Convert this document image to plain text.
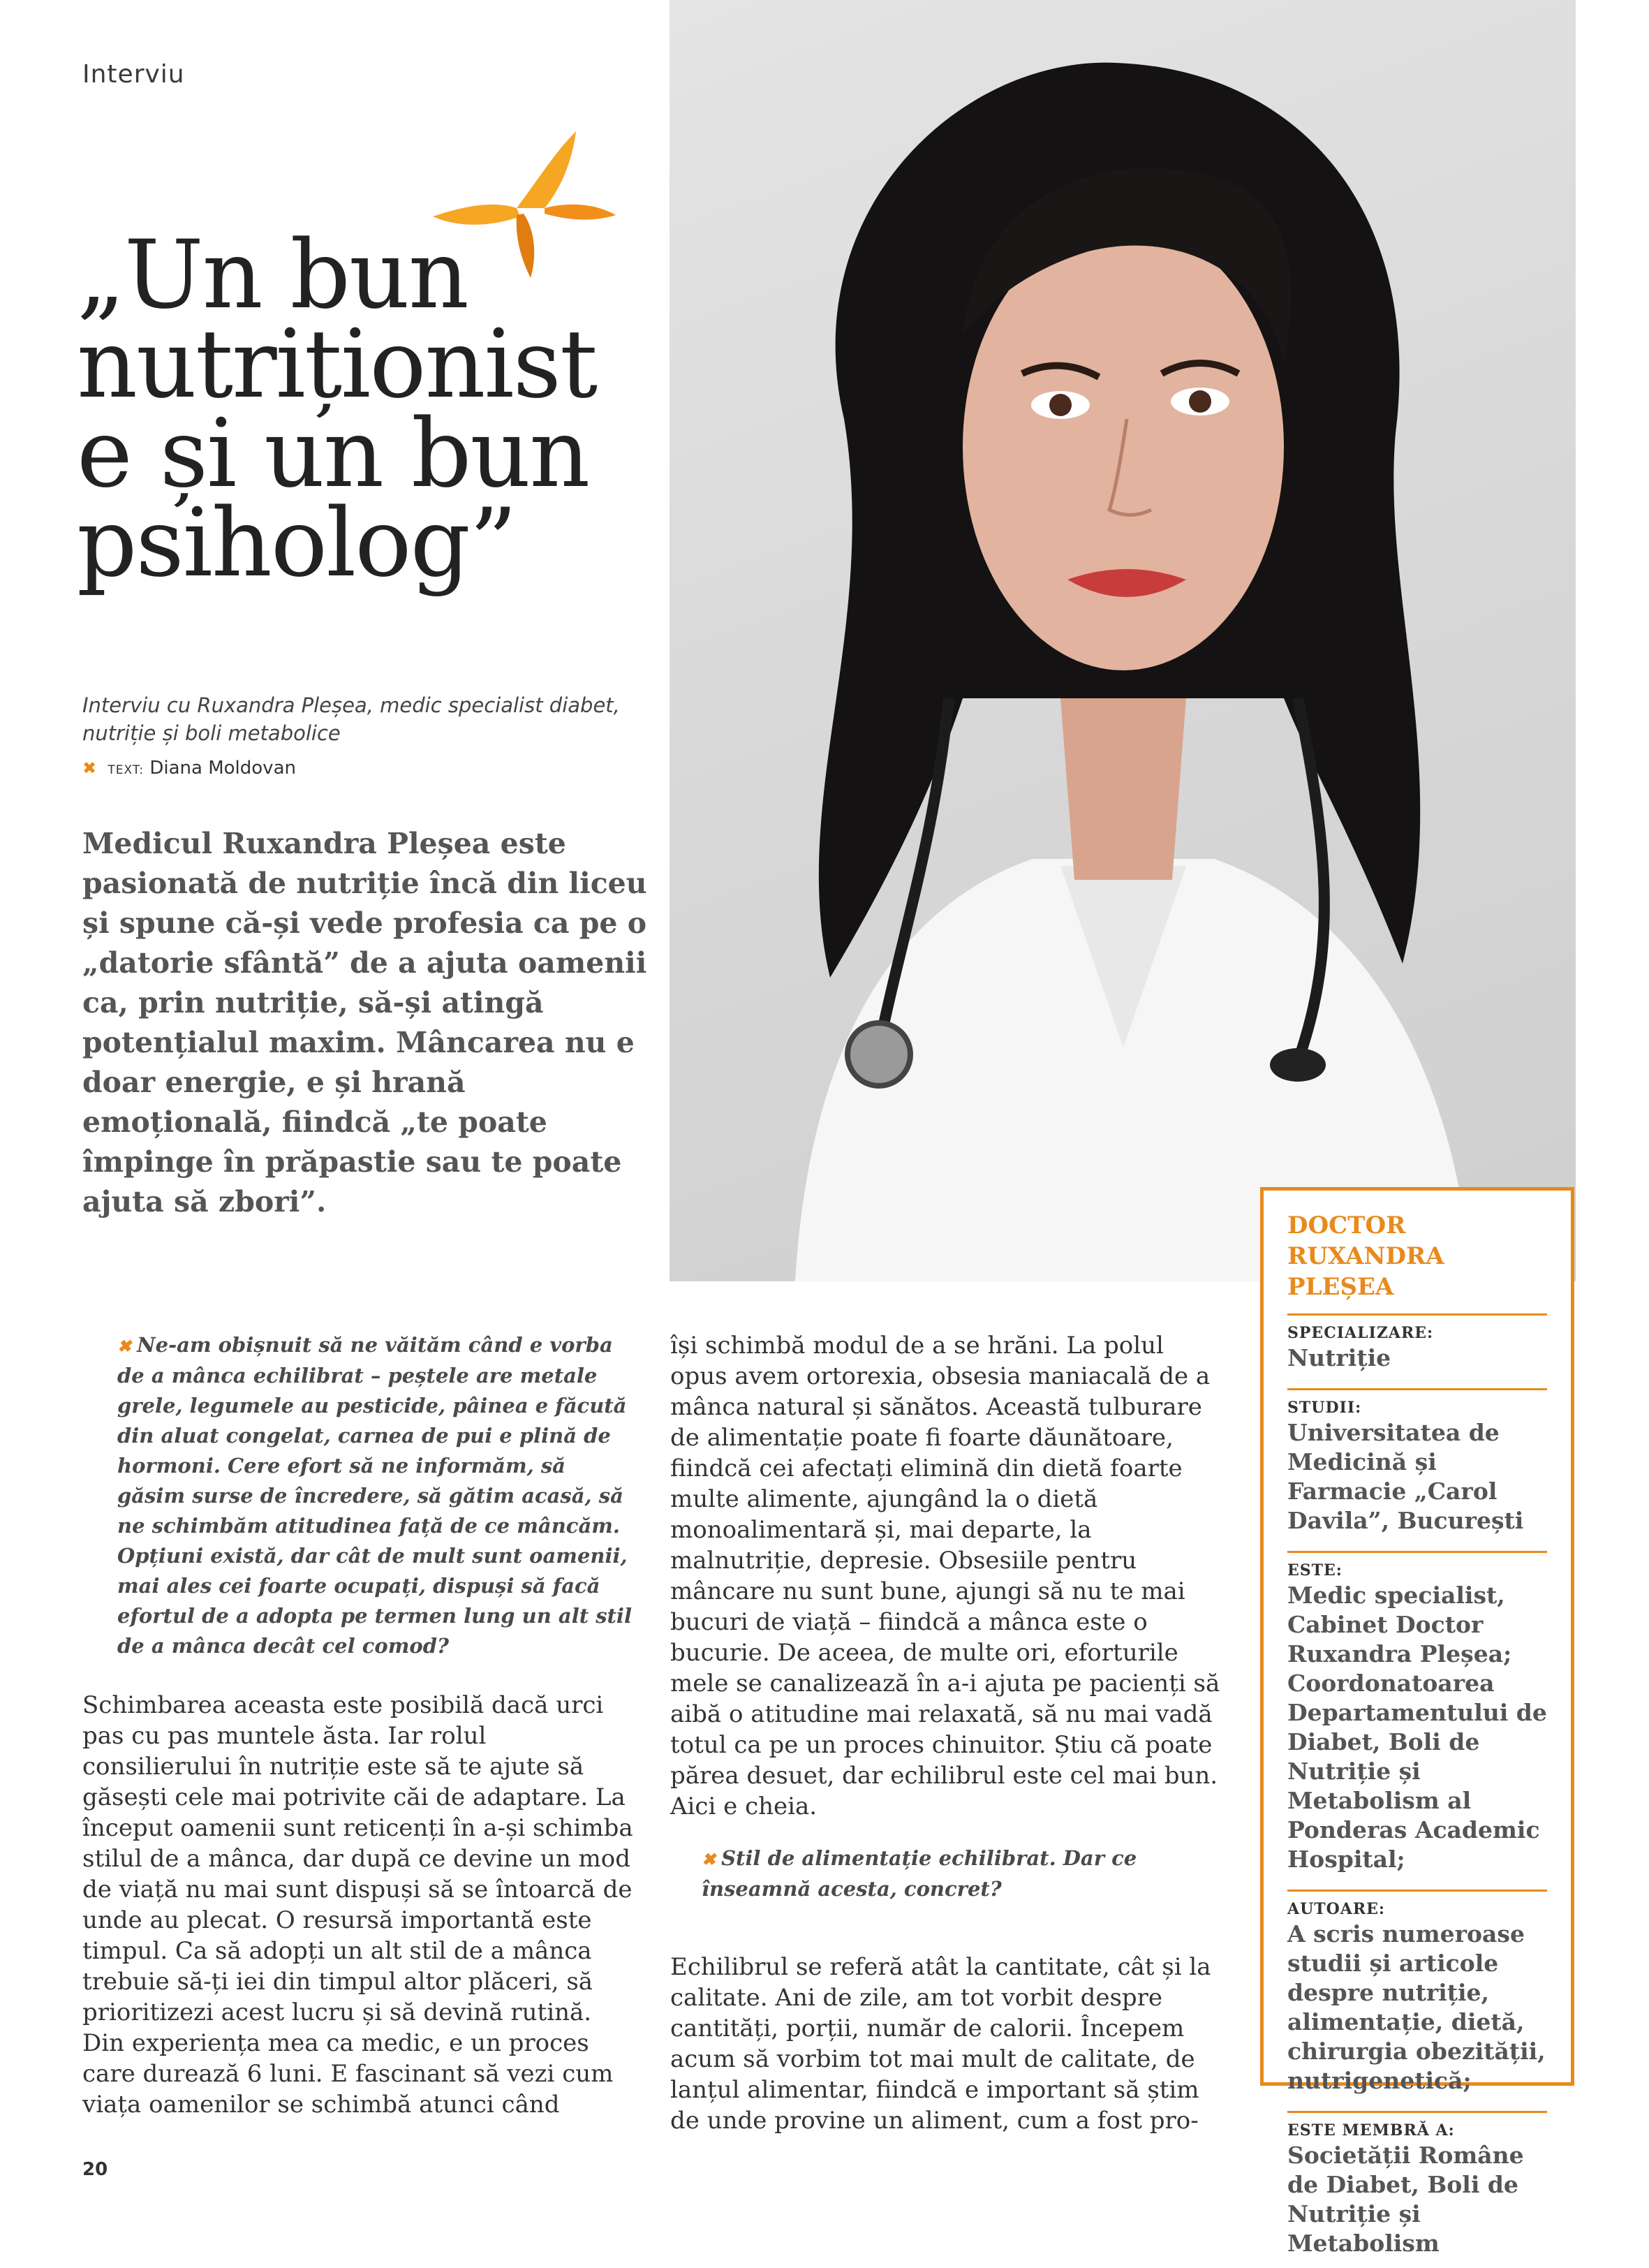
Interviu
„Un bun nutriționist e și un bun psiholog”
Interviu cu Ruxandra Pleșea, medic specialist diabet, nutriție și boli metabolice
✖ TEXT: Diana Moldovan
Medicul Ruxandra Pleșea este pasionată de nutriție încă din liceu și spune că-și vede profesia ca pe o „datorie sfântă” de a ajuta oamenii ca, prin nutriție, să-și atingă potențialul maxim. Mâncarea nu e doar energie, e și hrană emoțională, fiindcă „te poate împinge în prăpastie sau te poate ajuta să zbori”.
✖ Ne-am obișnuit să ne văităm când e vorba de a mânca echilibrat – peștele are metale grele, legumele au pesticide, pâinea e făcută din aluat congelat, carnea de pui e plină de hormoni. Cere efort să ne informăm, să găsim surse de încredere, să gătim acasă, să ne schimbăm atitudinea față de ce mâncăm. Opțiuni există, dar cât de mult sunt oamenii, mai ales cei foarte ocupați, dispuși să facă efortul de a adopta pe termen lung un alt stil de a mânca decât cel comod?

Schimbarea aceasta este posibilă dacă urci pas cu pas muntele ăsta. Iar rolul consilierului în nutriție este să te ajute să găsești cele mai potrivite căi de adaptare. La început oamenii sunt reticenți în a-și schimba stilul de a mânca, dar după ce devine un mod de viață nu mai sunt dispuși să se întoarcă de unde au plecat. O resursă importantă este timpul. Ca să adopți un alt stil de a mânca trebuie să-ți iei din timpul altor plăceri, să prioritizezi acest lucru și să devină rutină. Din experiența mea ca medic, e un proces care durează 6 luni. E fascinant să vezi cum viața oamenilor se schimbă atunci când

își schimbă modul de a se hrăni. La polul opus avem ortorexia, obsesia maniacală de a mânca natural și sănătos. Această tulburare de alimentație poate fi foarte dăunătoare, fiindcă cei afectați elimină din dietă foarte multe alimente, ajungând la o dietă monoalimentară și, mai departe, la malnutriție, depresie. Obsesiile pentru mâncare nu sunt bune, ajungi să nu te mai bucuri de viață – fiindcă a mânca este o bucurie. De aceea, de multe ori, eforturile mele se canalizează în a-i ajuta pe pacienți să aibă o atitudine mai relaxată, să nu mai vadă totul ca pe un proces chinuitor. Știu că poate părea desuet, dar echilibrul este cel mai bun. Aici e cheia.

✖ Stil de alimentație echilibrat. Dar ce înseamnă acesta, concret?

Echilibrul se referă atât la cantitate, cât și la calitate. Ani de zile, am tot vorbit despre cantități, porții, număr de calorii. Începem acum să vorbim tot mai mult de calitate, de lanțul alimentar, fiindcă e important să știm de unde provine un aliment, cum a fost pro-

20
DOCTOR RUXANDRA PLEȘEA
SPECIALIZARE:
Nutriție
STUDII:
Universitatea de Medicină și Farmacie „Carol Davila”, București
ESTE:
Medic specialist, Cabinet Doctor Ruxandra Pleșea; Coordonatoarea Departamentului de Diabet, Boli de Nutriție și Metabolism al Ponderas Academic Hospital;
AUTOARE:
A scris numeroase studii și articole despre nutriție, alimentație, dietă, chirurgia obezității, nutrigenetică;
ESTE MEMBRĂ A:
Societății Române de Diabet, Boli de Nutriție și Metabolism
